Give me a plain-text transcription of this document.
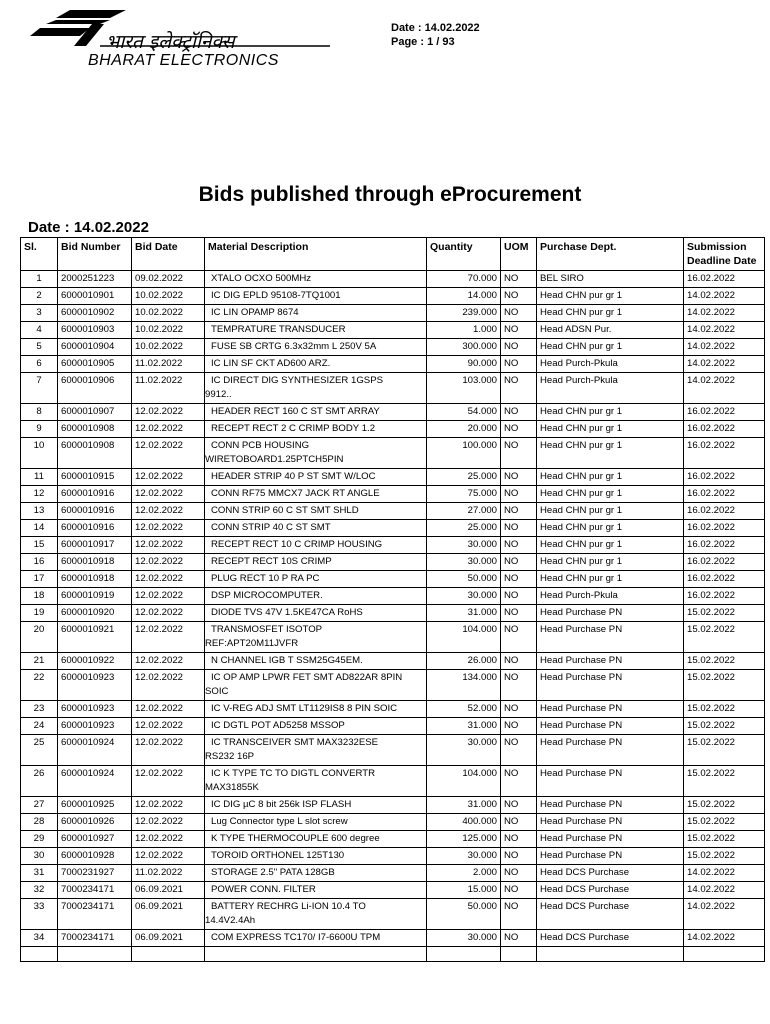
भारत इलेक्ट्रॉनिक्स
BHARAT ELECTRONICS
Date : 14.02.2022
Page : 1 / 93
Bids published through eProcurement
Date : 14.02.2022
Sl.	Bid Number	Bid Date	Material Description	Quantity	UOM	Purchase Dept.	Submission Deadline Date
1	2000251223	09.02.2022	XTALO OCXO 500MHz	70.000	NO	BEL SIRO	16.02.2022
2	6000010901	10.02.2022	IC DIG EPLD 95108-7TQ1001	14.000	NO	Head CHN pur gr 1	14.02.2022
3	6000010902	10.02.2022	IC LIN OPAMP 8674	239.000	NO	Head CHN pur gr 1	14.02.2022
4	6000010903	10.02.2022	TEMPRATURE TRANSDUCER	1.000	NO	Head ADSN Pur.	14.02.2022
5	6000010904	10.02.2022	FUSE SB CRTG 6.3x32mm L 250V 5A	300.000	NO	Head CHN pur gr 1	14.02.2022
6	6000010905	11.02.2022	IC LIN SF CKT AD600 ARZ.	90.000	NO	Head Purch-Pkula	14.02.2022
7	6000010906	11.02.2022	IC DIRECT DIG SYNTHESIZER 1GSPS
9912..	103.000	NO	Head Purch-Pkula	14.02.2022
8	6000010907	12.02.2022	HEADER RECT 160 C ST SMT ARRAY	54.000	NO	Head CHN pur gr 1	16.02.2022
9	6000010908	12.02.2022	RECEPT RECT 2 C CRIMP BODY 1.2	20.000	NO	Head CHN pur gr 1	16.02.2022
10	6000010908	12.02.2022	CONN PCB HOUSING
WIRETOBOARD1.25PTCH5PIN	100.000	NO	Head CHN pur gr 1	16.02.2022
11	6000010915	12.02.2022	HEADER STRIP 40 P ST SMT W/LOC	25.000	NO	Head CHN pur gr 1	16.02.2022
12	6000010916	12.02.2022	CONN RF75 MMCX7 JACK RT ANGLE	75.000	NO	Head CHN pur gr 1	16.02.2022
13	6000010916	12.02.2022	CONN STRIP 60 C ST SMT SHLD	27.000	NO	Head CHN pur gr 1	16.02.2022
14	6000010916	12.02.2022	CONN STRIP 40 C ST SMT	25.000	NO	Head CHN pur gr 1	16.02.2022
15	6000010917	12.02.2022	RECEPT RECT 10 C CRIMP HOUSING	30.000	NO	Head CHN pur gr 1	16.02.2022
16	6000010918	12.02.2022	RECEPT RECT 10S CRIMP	30.000	NO	Head CHN pur gr 1	16.02.2022
17	6000010918	12.02.2022	PLUG RECT 10 P RA PC	50.000	NO	Head CHN pur gr 1	16.02.2022
18	6000010919	12.02.2022	DSP MICROCOMPUTER.	30.000	NO	Head Purch-Pkula	16.02.2022
19	6000010920	12.02.2022	DIODE TVS 47V 1.5KE47CA RoHS	31.000	NO	Head Purchase PN	15.02.2022
20	6000010921	12.02.2022	TRANSMOSFET ISOTOP
REF:APT20M11JVFR	104.000	NO	Head Purchase PN	15.02.2022
21	6000010922	12.02.2022	N CHANNEL IGB T SSM25G45EM.	26.000	NO	Head Purchase PN	15.02.2022
22	6000010923	12.02.2022	IC OP AMP LPWR FET SMT AD822AR 8PIN
SOIC	134.000	NO	Head Purchase PN	15.02.2022
23	6000010923	12.02.2022	IC V-REG ADJ SMT LT1129IS8 8 PIN SOIC	52.000	NO	Head Purchase PN	15.02.2022
24	6000010923	12.02.2022	IC DGTL POT AD5258 MSSOP	31.000	NO	Head Purchase PN	15.02.2022
25	6000010924	12.02.2022	IC TRANSCEIVER SMT MAX3232ESE
RS232 16P	30.000	NO	Head Purchase PN	15.02.2022
26	6000010924	12.02.2022	IC K TYPE TC TO DIGTL CONVERTR
MAX31855K	104.000	NO	Head Purchase PN	15.02.2022
27	6000010925	12.02.2022	IC DIG µC 8 bit 256k ISP FLASH	31.000	NO	Head Purchase PN	15.02.2022
28	6000010926	12.02.2022	Lug Connector type L slot screw	400.000	NO	Head Purchase PN	15.02.2022
29	6000010927	12.02.2022	K TYPE THERMOCOUPLE 600 degree	125.000	NO	Head Purchase PN	15.02.2022
30	6000010928	12.02.2022	TOROID ORTHONEL 125T130	30.000	NO	Head Purchase PN	15.02.2022
31	7000231927	11.02.2022	STORAGE 2.5" PATA 128GB	2.000	NO	Head DCS Purchase	14.02.2022
32	7000234171	06.09.2021	POWER CONN. FILTER	15.000	NO	Head DCS Purchase	14.02.2022
33	7000234171	06.09.2021	BATTERY RECHRG Li-ION 10.4 TO
14.4V2.4Ah	50.000	NO	Head DCS Purchase	14.02.2022
34	7000234171	06.09.2021	COM EXPRESS TC170/ I7-6600U TPM	30.000	NO	Head DCS Purchase	14.02.2022
